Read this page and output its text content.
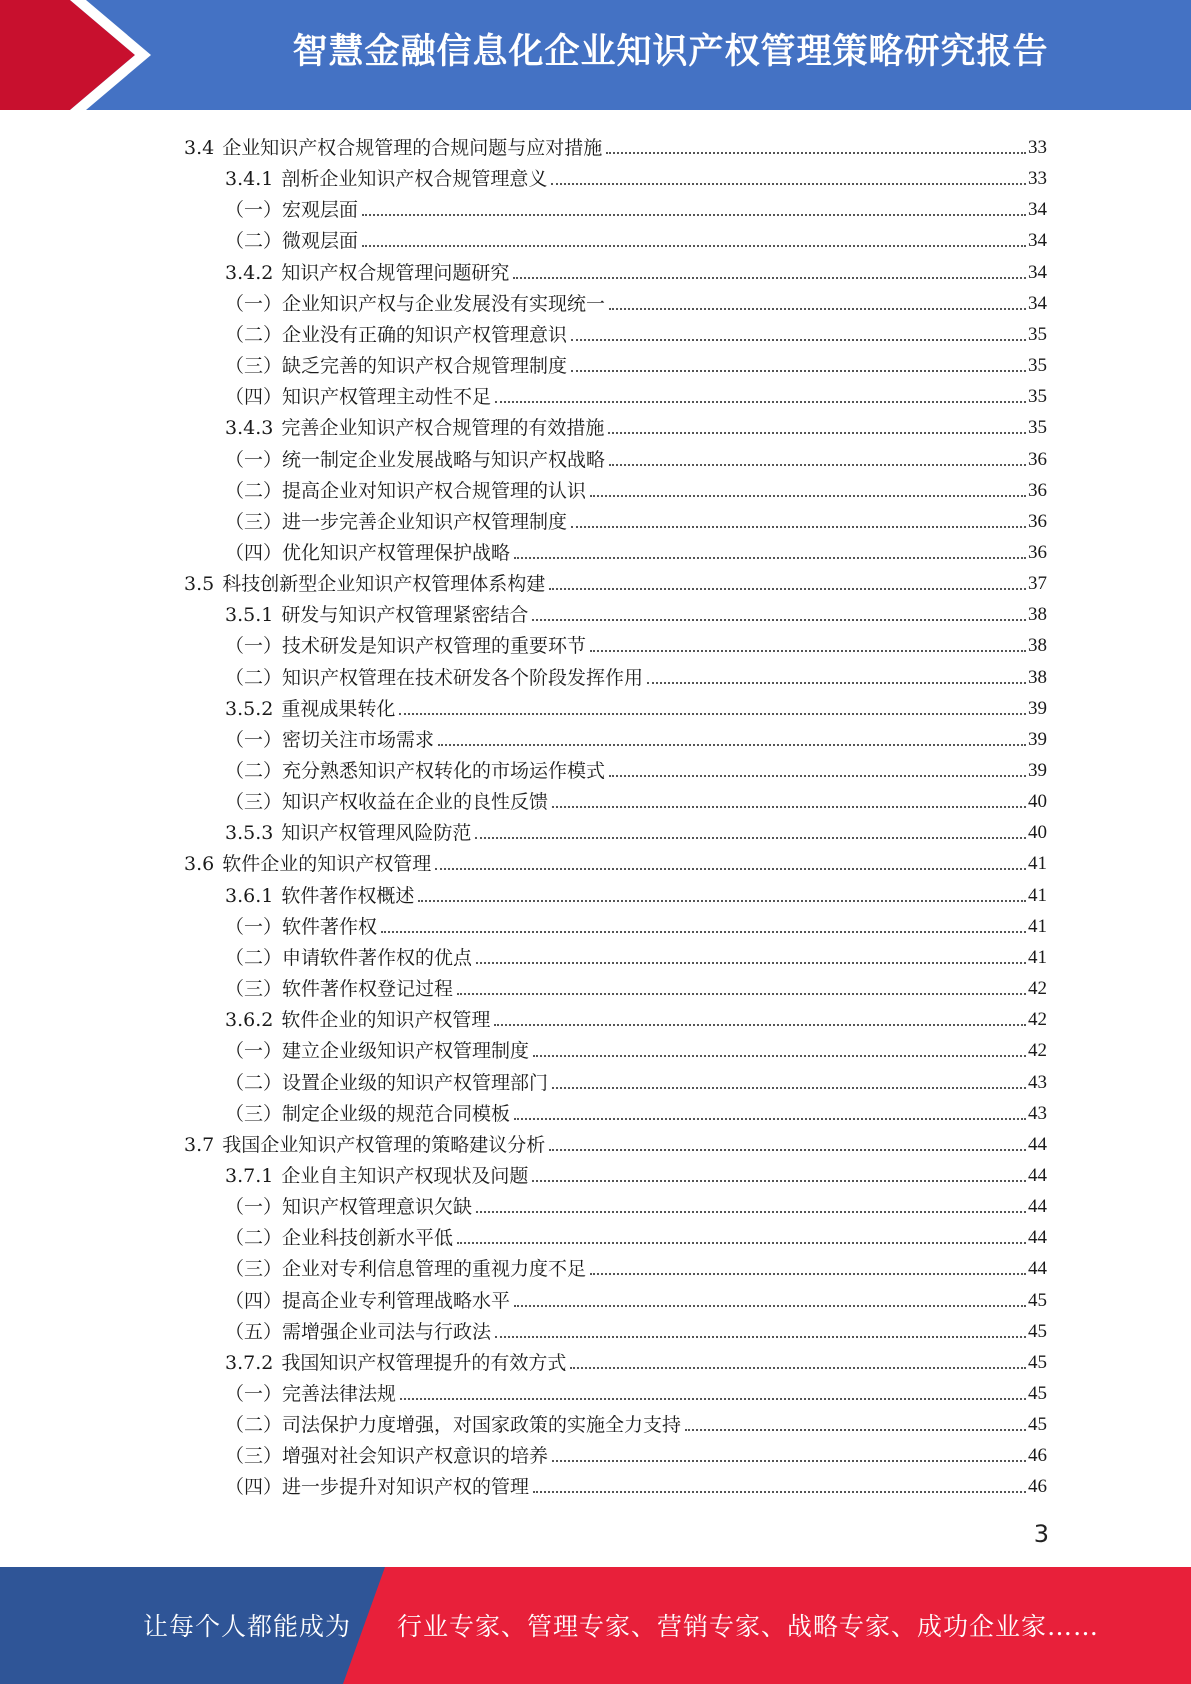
智慧金融信息化企业知识产权管理策略研究报告
3.4 企业知识产权合规管理的合规问题与应对措施	33
3.4.1 剖析企业知识产权合规管理意义	33
（一） 宏观层面	34
（二） 微观层面	34
3.4.2 知识产权合规管理问题研究	34
（一） 企业知识产权与企业发展没有实现统一	34
（二） 企业没有正确的知识产权管理意识	35
（三） 缺乏完善的知识产权合规管理制度	35
（四） 知识产权管理主动性不足	35
3.4.3 完善企业知识产权合规管理的有效措施	35
（一） 统一制定企业发展战略与知识产权战略	36
（二） 提高企业对知识产权合规管理的认识	36
（三） 进一步完善企业知识产权管理制度	36
（四） 优化知识产权管理保护战略	36
3.5 科技创新型企业知识产权管理体系构建	37
3.5.1 研发与知识产权管理紧密结合	38
（一） 技术研发是知识产权管理的重要环节	38
（二） 知识产权管理在技术研发各个阶段发挥作用	38
3.5.2 重视成果转化	39
（一） 密切关注市场需求	39
（二） 充分熟悉知识产权转化的市场运作模式	39
（三） 知识产权收益在企业的良性反馈	40
3.5.3 知识产权管理风险防范	40
3.6 软件企业的知识产权管理	41
3.6.1 软件著作权概述	41
（一） 软件著作权	41
（二） 申请软件著作权的优点	41
（三） 软件著作权登记过程	42
3.6.2 软件企业的知识产权管理	42
（一） 建立企业级知识产权管理制度	42
（二） 设置企业级的知识产权管理部门	43
（三） 制定企业级的规范合同模板	43
3.7 我国企业知识产权管理的策略建议分析	44
3.7.1 企业自主知识产权现状及问题	44
（一） 知识产权管理意识欠缺	44
（二） 企业科技创新水平低	44
（三） 企业对专利信息管理的重视力度不足	44
（四） 提高企业专利管理战略水平	45
（五） 需增强企业司法与行政法	45
3.7.2 我国知识产权管理提升的有效方式	45
（一） 完善法律法规	45
（二） 司法保护力度增强，对国家政策的实施全力支持	45
（三） 增强对社会知识产权意识的培养	46
（四） 进一步提升对知识产权的管理	46
3
让每个人都能成为 行业专家、管理专家、营销专家、战略专家、成功企业家……
